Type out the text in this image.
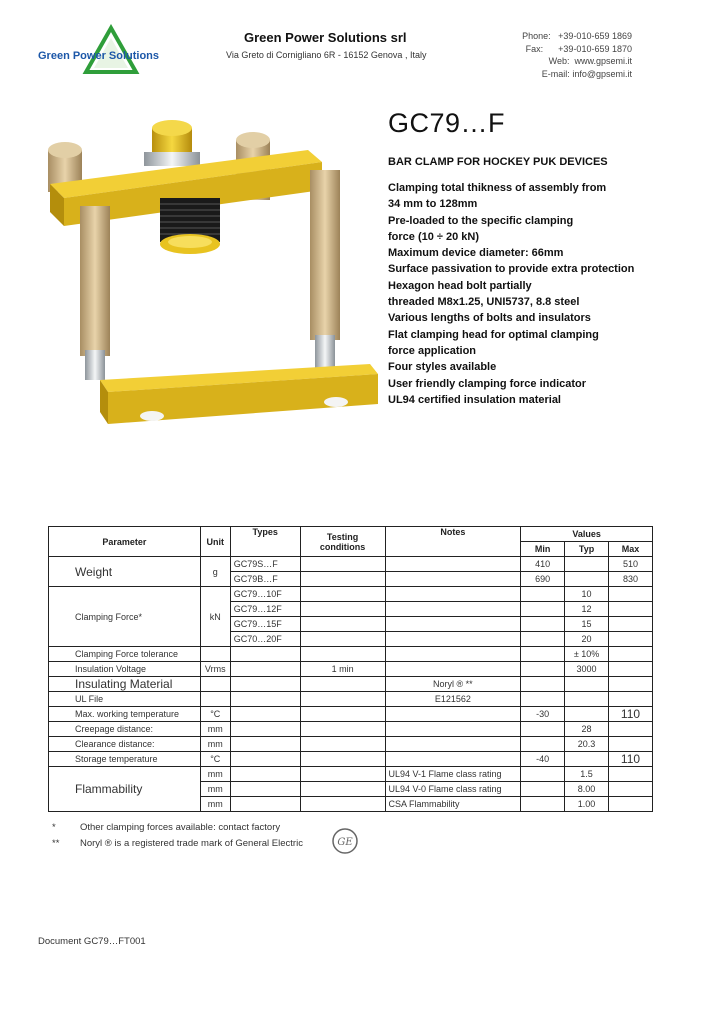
Green Power Solutions
Green Power Solutions srl
Via Greto di Cornigliano 6R - 16152 Genova , Italy
Phone: +39-010-659 1869
Fax: +39-010-659 1870
Web: www.gpsemi.it
E-mail: info@gpsemi.it
GC79…F
BAR CLAMP FOR HOCKEY PUK DEVICES
Clamping total thikness of assembly from
34 mm to 128mm
Pre-loaded to the specific clamping
force (10 ÷ 20 kN)
Maximum device diameter: 66mm
Surface passivation to provide extra protection
Hexagon head bolt partially
threaded M8x1.25, UNI5737, 8.8 steel
Various lengths of bolts and insulators
Flat clamping head for optimal clamping
force application
Four styles available
User friendly clamping force indicator
UL94 certified insulation material
Parameter	Unit	Types	Testing conditions	Notes	Values		
					Min	Typ	Max
Weight	g	GC79S…F			410		510
		GC79B…F			690		830
Clamping Force*	kN	GC79…10F				10	
		GC79…12F				12	
		GC79…15F				15	
		GC70…20F				20	
Clamping Force tolerance						± 10%	
Insulation Voltage	Vrms		1 min			3000	
Insulating Material				Noryl ® **			
UL File				E121562			
Max. working temperature	°C				-30		110
Creepage distance:	mm					28	
Clearance distance:	mm					20.3	
Storage temperature	°C				-40		110
Flammability	mm			UL94 V-1 Flame class rating		1.5	
	mm			UL94 V-0 Flame class rating		8.00	
	mm			CSA Flammability		1.00	
*	Other clamping forces available: contact factory
** Noryl ® is a registered trade mark of General Electric	GE
Document GC79…FT001
